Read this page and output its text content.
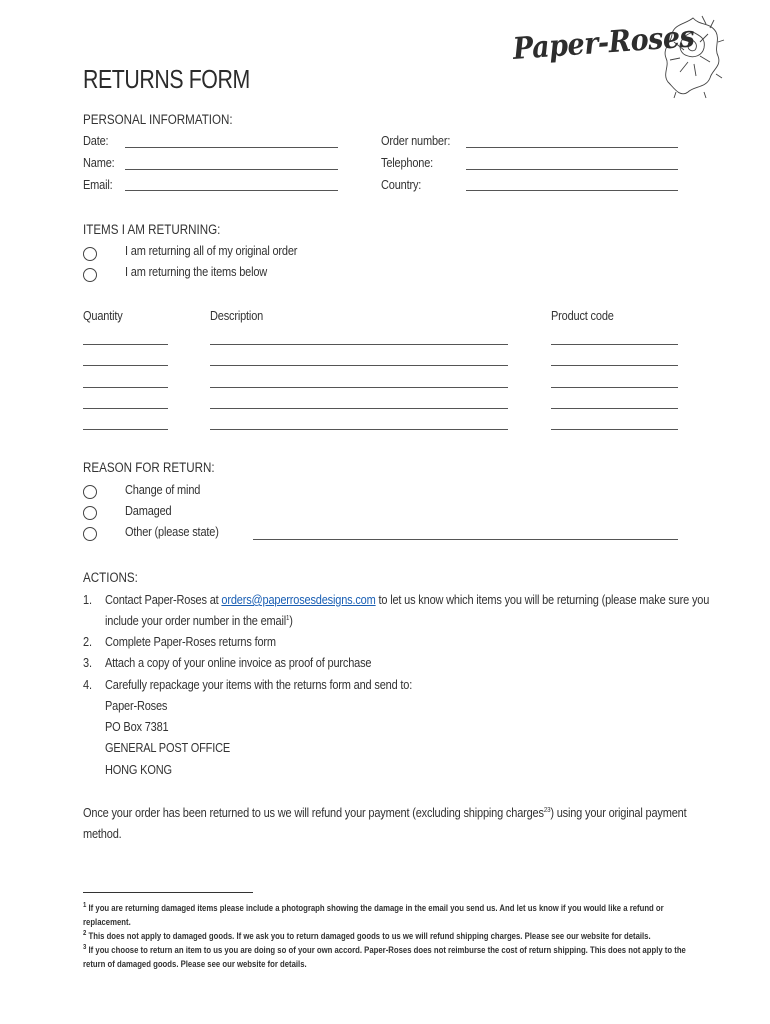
Paper-Roses
RETURNS FORM
PERSONAL INFORMATION:
Date:
Name:
Email:
Order number:
Telephone:
Country:
ITEMS I AM RETURNING:
I am returning all of my original order
I am returning the items below
Quantity	Description	Product code
REASON FOR RETURN:
Change of mind
Damaged
Other (please state)
ACTIONS:
1. Contact Paper-Roses at orders@paperrosesdesigns.com to let us know which items you will be returning (please make sure you
include your order number in the email$^1$)
2. Complete Paper-Roses returns form
3. Attach a copy of your online invoice as proof of purchase
4. Carefully repackage your items with the returns form and send to:
Paper-Roses
PO Box 7381
GENERAL POST OFFICE
HONG KONG
Once your order has been returned to us we will refund your payment (excluding shipping charges$^{23}$) using your original payment
method.
$^1$ If you are returning damaged items please include a photograph showing the damage in the email you send us. And let us know if you would like a refund or
replacement.
$^2$ This does not apply to damaged goods. If we ask you to return damaged goods to us we will refund shipping charges. Please see our website for details.
$^3$ If you choose to return an item to us you are doing so of your own accord. Paper-Roses does not reimburse the cost of return shipping. This does not apply to the
return of damaged goods. Please see our website for details.
